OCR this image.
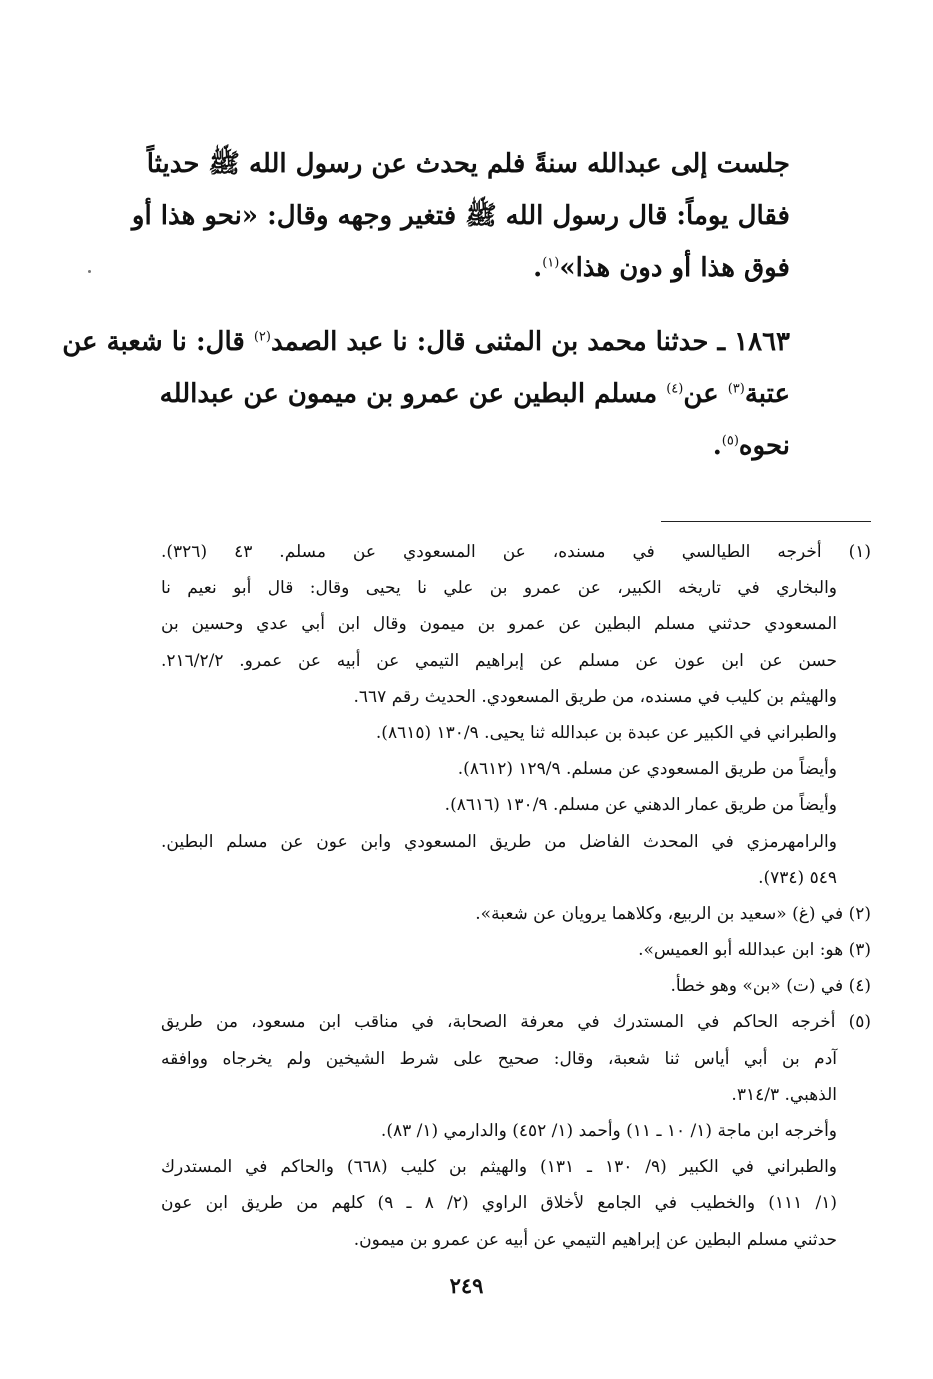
جلست إلى عبدالله سنةً فلم يحدث عن رسول الله ﷺ حديثاً
فقال يوماً: قال رسول الله ﷺ فتغير وجهه وقال: «نحو هذا أو
فوق هذا أو دون هذا»$^{(١)}$.
١٨٦٣ ـ حدثنا محمد بن المثنى قال: نا عبد الصمد$^{(٢)}$ قال: نا شعبة عن
عتبة$^{(٣)}$ عن$^{(٤)}$ مسلم البطين عن عمرو بن ميمون عن عبدالله
نحوه$^{(٥)}$.
(١) أخرجه الطيالسي في مسنده، عن المسعودي عن مسلم. ٤٣ (٣٢٦).
والبخاري في تاريخه الكبير، عن عمرو بن علي نا يحيى وقال: قال أبو نعيم نا
المسعودي حدثني مسلم البطين عن عمرو بن ميمون وقال ابن أبي عدي وحسين بن
حسن عن ابن عون عن مسلم عن إبراهيم التيمي عن أبيه عن عمرو. ٢١٦/٢/٢.
والهيثم بن كليب في مسنده، من طريق المسعودي. الحديث رقم ٦٦٧.
والطبراني في الكبير عن عبدة بن عبدالله ثنا يحيى. ١٣٠/٩ (٨٦١٥).
وأيضاً من طريق المسعودي عن مسلم. ١٢٩/٩ (٨٦١٢).
وأيضاً من طريق عمار الدهني عن مسلم. ١٣٠/٩ (٨٦١٦).
والرامهرمزي في المحدث الفاضل من طريق المسعودي وابن عون عن مسلم البطين.
٥٤٩ (٧٣٤).
(٢) في (غ) «سعيد بن الربيع، وكلاهما يرويان عن شعبة».
(٣) هو: ابن عبدالله أبو العميس».
(٤) في (ت) «بن» وهو خطأ.
(٥) أخرجه الحاكم في المستدرك في معرفة الصحابة، في مناقب ابن مسعود، من طريق
آدم بن أبي أياس ثنا شعبة، وقال: صحيح على شرط الشيخين ولم يخرجاه ووافقه
الذهبي. ٣١٤/٣.
وأخرجه ابن ماجة (١/ ١٠ ـ ١١) وأحمد (١/ ٤٥٢) والدارمي (١/ ٨٣).
والطبراني في الكبير (٩/ ١٣٠ ـ ١٣١) والهيثم بن كليب (٦٦٨) والحاكم في المستدرك
(١/ ١١١) والخطيب في الجامع لأخلاق الراوي (٢/ ٨ ـ ٩) كلهم من طريق ابن عون
حدثني مسلم البطين عن إبراهيم التيمي عن أبيه عن عمرو بن ميمون.
٢٤٩
